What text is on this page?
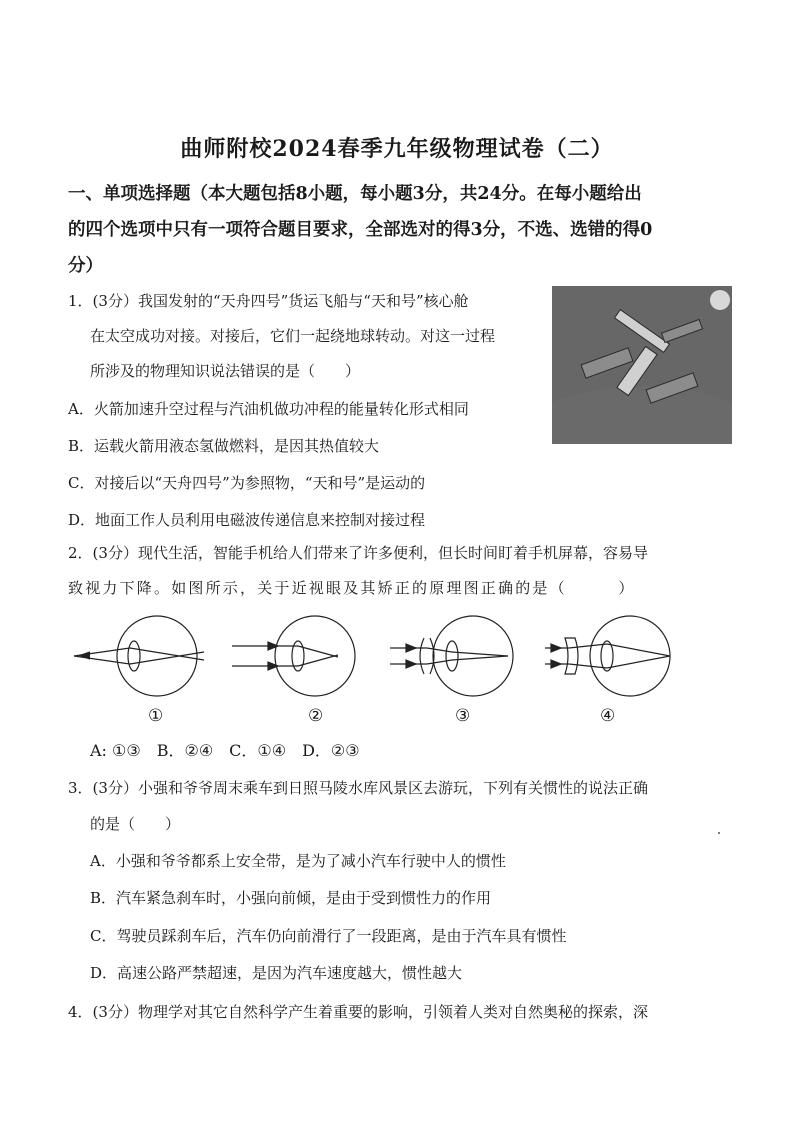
曲师附校2024春季九年级物理试卷（二）
一、单项选择题（本大题包括8小题，每小题3分，共24分。在每小题给出
的四个选项中只有一项符合题目要求，全部选对的得3分，不选、选错的得0
分）
1．(3分）我国发射的“天舟四号”货运飞船与“天和号”核心舱
在太空成功对接。对接后，它们一起绕地球转动。对这一过程
所涉及的物理知识说法错误的是（　　）
A．火箭加速升空过程与汽油机做功冲程的能量转化形式相同
B．运载火箭用液态氢做燃料，是因其热值较大
C．对接后以“天舟四号”为参照物，“天和号”是运动的
D．地面工作人员利用电磁波传递信息来控制对接过程
2．(3分）现代生活，智能手机给人们带来了许多便利，但长时间盯着手机屏幕，容易导
致视力下降。如图所示，关于近视眼及其矫正的原理图正确的是（　　　）
①	②	③	④
A: ①③　B．②④　C．①④　D．②③
3．(3分）小强和爷爷周末乘车到日照马陵水库风景区去游玩，下列有关惯性的说法正确
的是（　　）
A．小强和爷爷都系上安全带，是为了减小汽车行驶中人的惯性
B．汽车紧急刹车时，小强向前倾，是由于受到惯性力的作用
C．驾驶员踩刹车后，汽车仍向前滑行了一段距离，是由于汽车具有惯性
D．高速公路严禁超速，是因为汽车速度越大，惯性越大
4．(3分）物理学对其它自然科学产生着重要的影响，引领着人类对自然奥秘的探索，深
